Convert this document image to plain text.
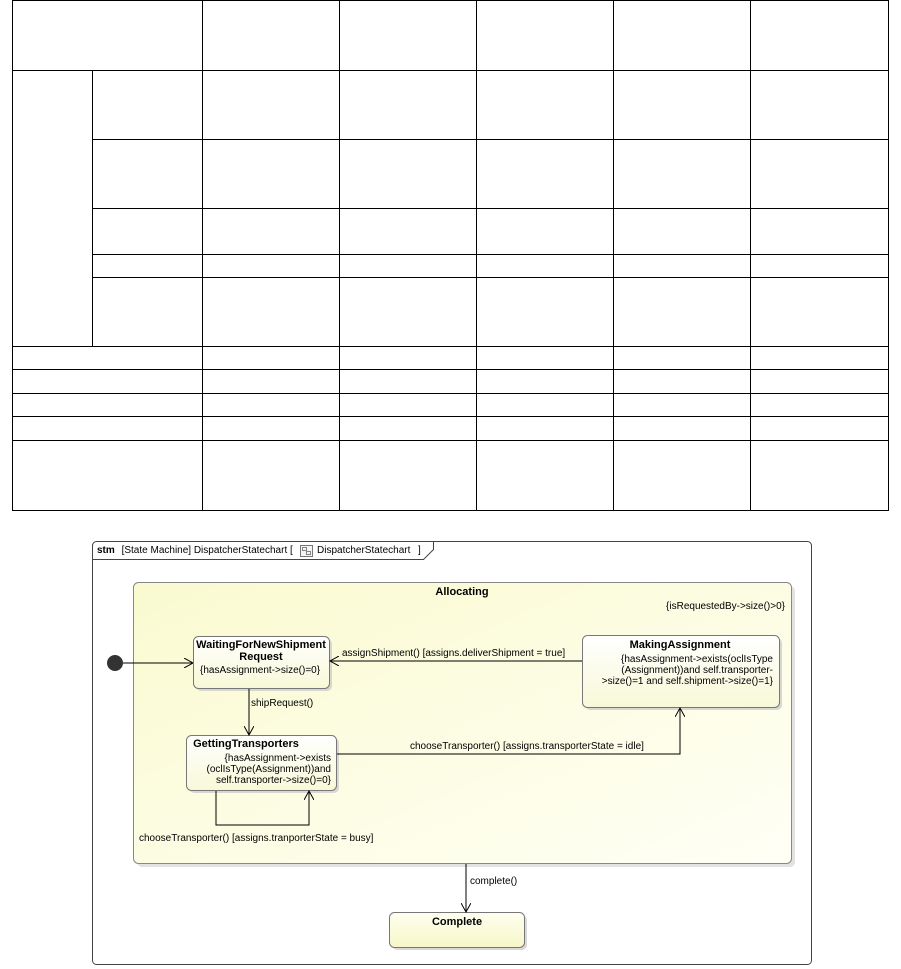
stm [State Machine] DispatcherStatechart [ DispatcherStatechart ]
Allocating
{isRequestedBy->size()>0}
WaitingForNewShipment
Request
{hasAssignment->size()=0}
MakingAssignment
{hasAssignment->exists(oclIsType
(Assignment))and self.transporter-
>size()=1 and self.shipment->size()=1}
GettingTransporters
{hasAssignment->exists
(oclIsType(Assignment))and
self.transporter->size()=0}
Complete
assignShipment() [assigns.deliverShipment = true]
shipRequest()
chooseTransporter() [assigns.transporterState = idle]
chooseTransporter() [assigns.tranporterState = busy]
complete()
